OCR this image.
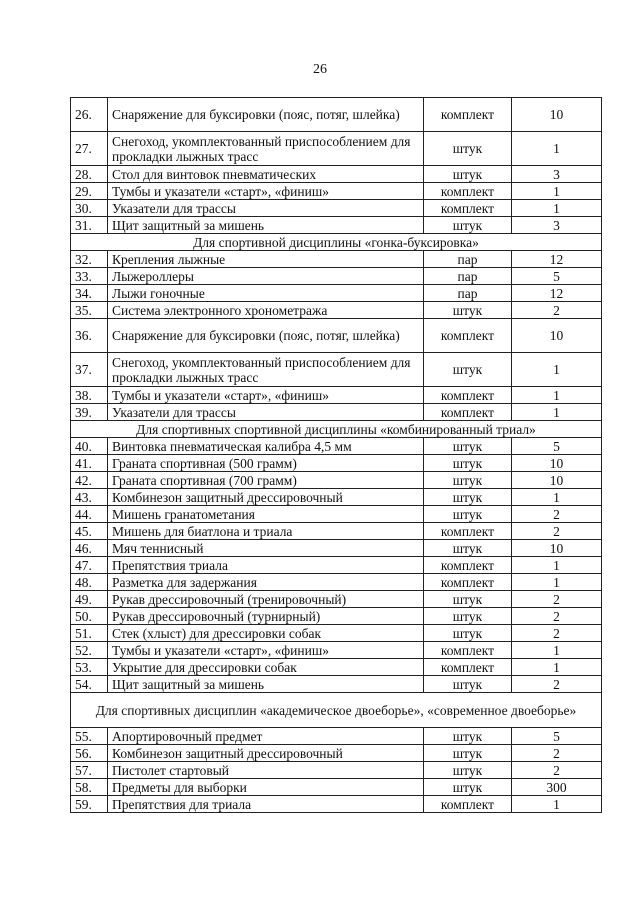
26
26.	Снаряжение для буксировки (пояс, потяг, шлейка)	комплект	10
27.	Снегоход, укомплектованный приспособлением для прокладки лыжных трасс	штук	1
28.	Стол для винтовок пневматических	штук	3
29.	Тумбы и указатели «старт», «финиш»	комплект	1
30.	Указатели для трассы	комплект	1
31.	Щит защитный за мишень	штук	3
Для спортивной дисциплины «гонка-буксировка»			
32.	Крепления лыжные	пар	12
33.	Лыжероллеры	пар	5
34.	Лыжи гоночные	пар	12
35.	Система электронного хронометража	штук	2
36.	Снаряжение для буксировки (пояс, потяг, шлейка)	комплект	10
37.	Снегоход, укомплектованный приспособлением для прокладки лыжных трасс	штук	1
38.	Тумбы и указатели «старт», «финиш»	комплект	1
39.	Указатели для трассы	комплект	1
Для спортивных спортивной дисциплины «комбинированный триал»			
40.	Винтовка пневматическая калибра 4,5 мм	штук	5
41.	Граната спортивная (500 грамм)	штук	10
42.	Граната спортивная (700 грамм)	штук	10
43.	Комбинезон защитный дрессировочный	штук	1
44.	Мишень гранатометания	штук	2
45.	Мишень для биатлона и триала	комплект	2
46.	Мяч теннисный	штук	10
47.	Препятствия триала	комплект	1
48.	Разметка для задержания	комплект	1
49.	Рукав дрессировочный (тренировочный)	штук	2
50.	Рукав дрессировочный (турнирный)	штук	2
51.	Стек (хлыст) для дрессировки собак	штук	2
52.	Тумбы и указатели «старт», «финиш»	комплект	1
53.	Укрытие для дрессировки собак	комплект	1
54.	Щит защитный за мишень	штук	2
Для спортивных дисциплин «академическое двоеборье», «современное двоеборье»			
55.	Апортировочный предмет	штук	5
56.	Комбинезон защитный дрессировочный	штук	2
57.	Пистолет стартовый	штук	2
58.	Предметы для выборки	штук	300
59.	Препятствия для триала	комплект	1
